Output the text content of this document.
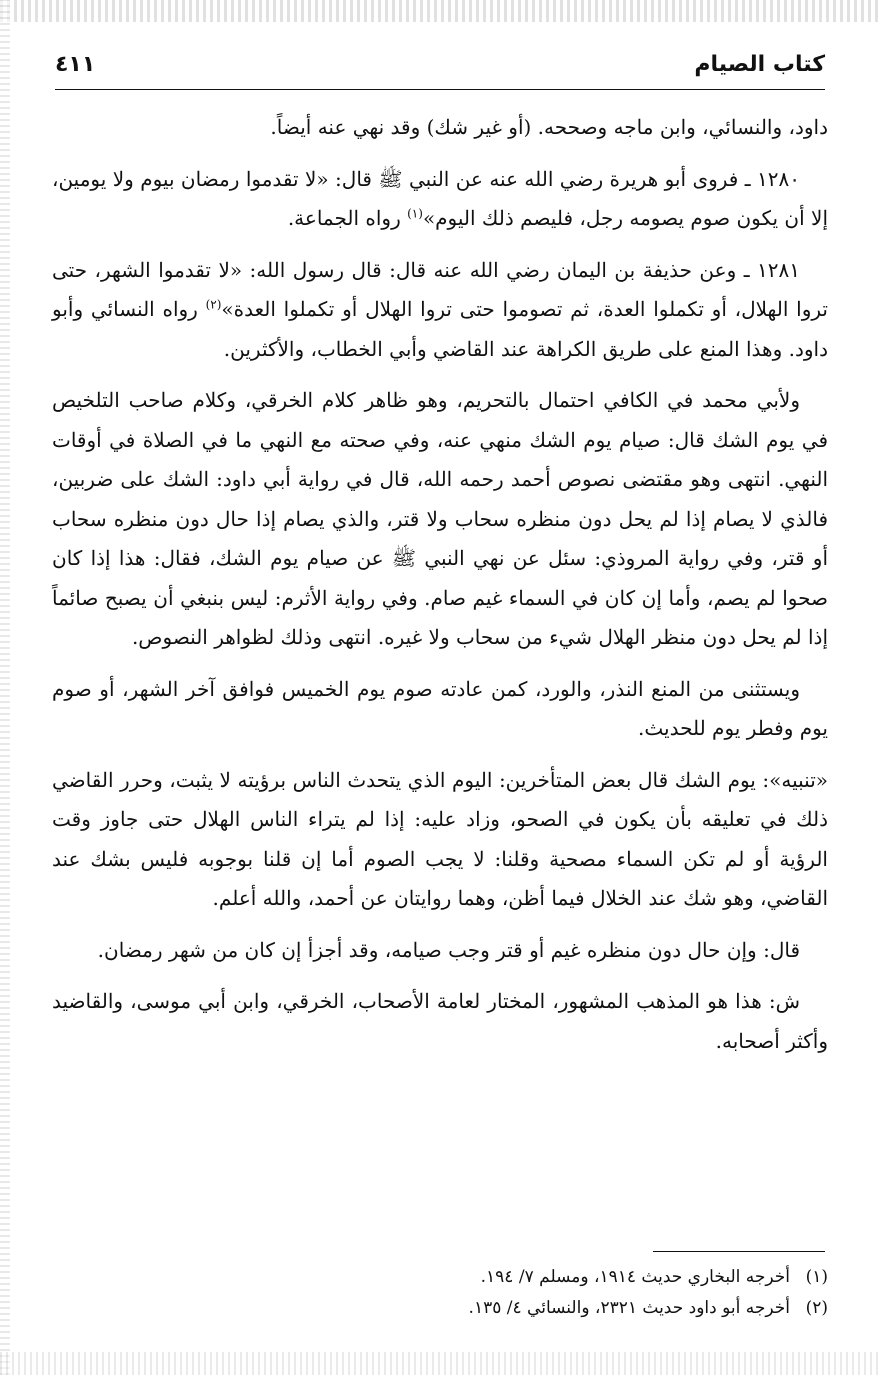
كتاب الصيام
٤١١

داود، والنسائي، وابن ماجه وصححه. (أو غير شك) وقد نهي عنه أيضاً.

١٢٨٠ ـ فروى أبو هريرة رضي الله عنه عن النبي ﷺ قال: «لا تقدموا رمضان بيوم ولا يومين، إلا أن يكون صوم يصومه رجل، فليصم ذلك اليوم»$^{(١)}$ رواه الجماعة.

١٢٨١ ـ وعن حذيفة بن اليمان رضي الله عنه قال: قال رسول الله: «لا تقدموا الشهر، حتى تروا الهلال، أو تكملوا العدة، ثم تصوموا حتى تروا الهلال أو تكملوا العدة»$^{(٢)}$ رواه النسائي وأبو داود. وهذا المنع على طريق الكراهة عند القاضي وأبي الخطاب، والأكثرين.

ولأبي محمد في الكافي احتمال بالتحريم، وهو ظاهر كلام الخرقي، وكلام صاحب التلخيص في يوم الشك قال: صيام يوم الشك منهي عنه، وفي صحته مع النهي ما في الصلاة في أوقات النهي. انتهى وهو مقتضى نصوص أحمد رحمه الله، قال في رواية أبي داود: الشك على ضربين، فالذي لا يصام إذا لم يحل دون منظره سحاب ولا قتر، والذي يصام إذا حال دون منظره سحاب أو قتر، وفي رواية المروذي: سئل عن نهي النبي ﷺ عن صيام يوم الشك، فقال: هذا إذا كان صحوا لم يصم، وأما إن كان في السماء غيم صام. وفي رواية الأثرم: ليس بنبغي أن يصبح صائماً إذا لم يحل دون منظر الهلال شيء من سحاب ولا غيره. انتهى وذلك لظواهر النصوص.

ويستثنى من المنع النذر، والورد، كمن عادته صوم يوم الخميس فوافق آخر الشهر، أو صوم يوم وفطر يوم للحديث.

«تنبيه»: يوم الشك قال بعض المتأخرين: اليوم الذي يتحدث الناس برؤيته لا يثبت، وحرر القاضي ذلك في تعليقه بأن يكون في الصحو، وزاد عليه: إذا لم يتراء الناس الهلال حتى جاوز وقت الرؤية أو لم تكن السماء مصحية وقلنا: لا يجب الصوم أما إن قلنا بوجوبه فليس بشك عند القاضي، وهو شك عند الخلال فيما أظن، وهما روايتان عن أحمد، والله أعلم.

قال: وإن حال دون منظره غيم أو قتر وجب صيامه، وقد أجزأ إن كان من شهر رمضان.

ش: هذا هو المذهب المشهور، المختار لعامة الأصحاب، الخرقي، وابن أبي موسى، والقاضيد وأكثر أصحابه.

(١)أخرجه البخاري حديث ١٩١٤، ومسلم ٧/ ١٩٤.

(٢)أخرجه أبو داود حديث ٢٣٢١، والنسائي ٤/ ١٣٥.
